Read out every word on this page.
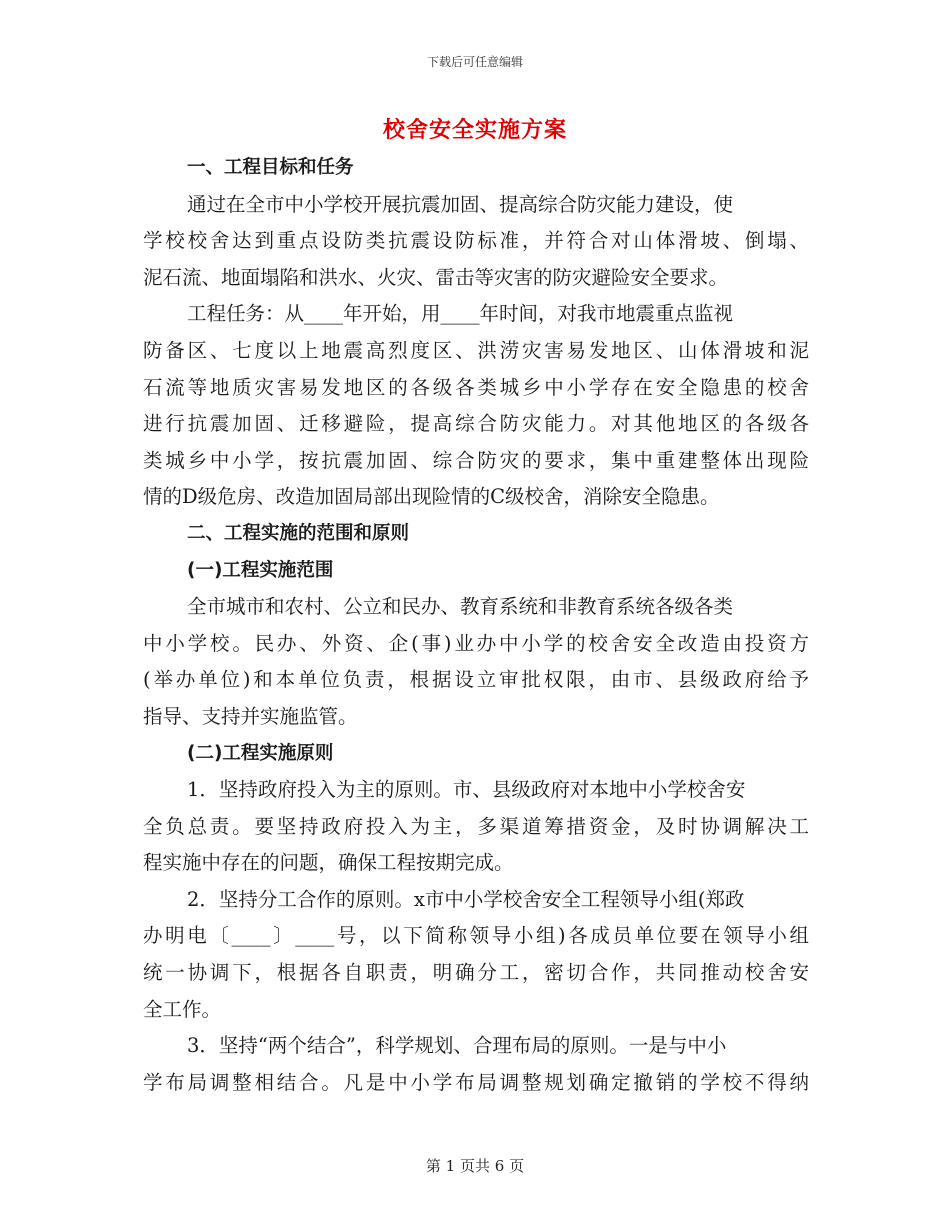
下载后可任意编辑
校舍安全实施方案
一、工程目标和任务
通过在全市中小学校开展抗震加固、提高综合防灾能力建设，使
学校校舍达到重点设防类抗震设防标准，并符合对山体滑坡、倒塌、
泥石流、地面塌陷和洪水、火灾、雷击等灾害的防灾避险安全要求。
工程任务：从____年开始，用____年时间，对我市地震重点监视
防备区、七度以上地震高烈度区、洪涝灾害易发地区、山体滑坡和泥
石流等地质灾害易发地区的各级各类城乡中小学存在安全隐患的校舍
进行抗震加固、迁移避险，提高综合防灾能力。对其他地区的各级各
类城乡中小学，按抗震加固、综合防灾的要求，集中重建整体出现险
情的D级危房、改造加固局部出现险情的C级校舍，消除安全隐患。
二、工程实施的范围和原则
(一)工程实施范围
全市城市和农村、公立和民办、教育系统和非教育系统各级各类
中小学校。民办、外资、企(事)业办中小学的校舍安全改造由投资方
(举办单位)和本单位负责，根据设立审批权限，由市、县级政府给予
指导、支持并实施监管。
(二)工程实施原则
1．坚持政府投入为主的原则。市、县级政府对本地中小学校舍安
全负总责。要坚持政府投入为主，多渠道筹措资金，及时协调解决工
程实施中存在的问题，确保工程按期完成。
2．坚持分工合作的原则。x市中小学校舍安全工程领导小组(郑政
办明电〔____〕____号，以下简称领导小组)各成员单位要在领导小组
统一协调下，根据各自职责，明确分工，密切合作，共同推动校舍安
全工作。
3．坚持“两个结合”，科学规划、合理布局的原则。一是与中小
学布局调整相结合。凡是中小学布局调整规划确定撤销的学校不得纳
第 1 页共 6 页
